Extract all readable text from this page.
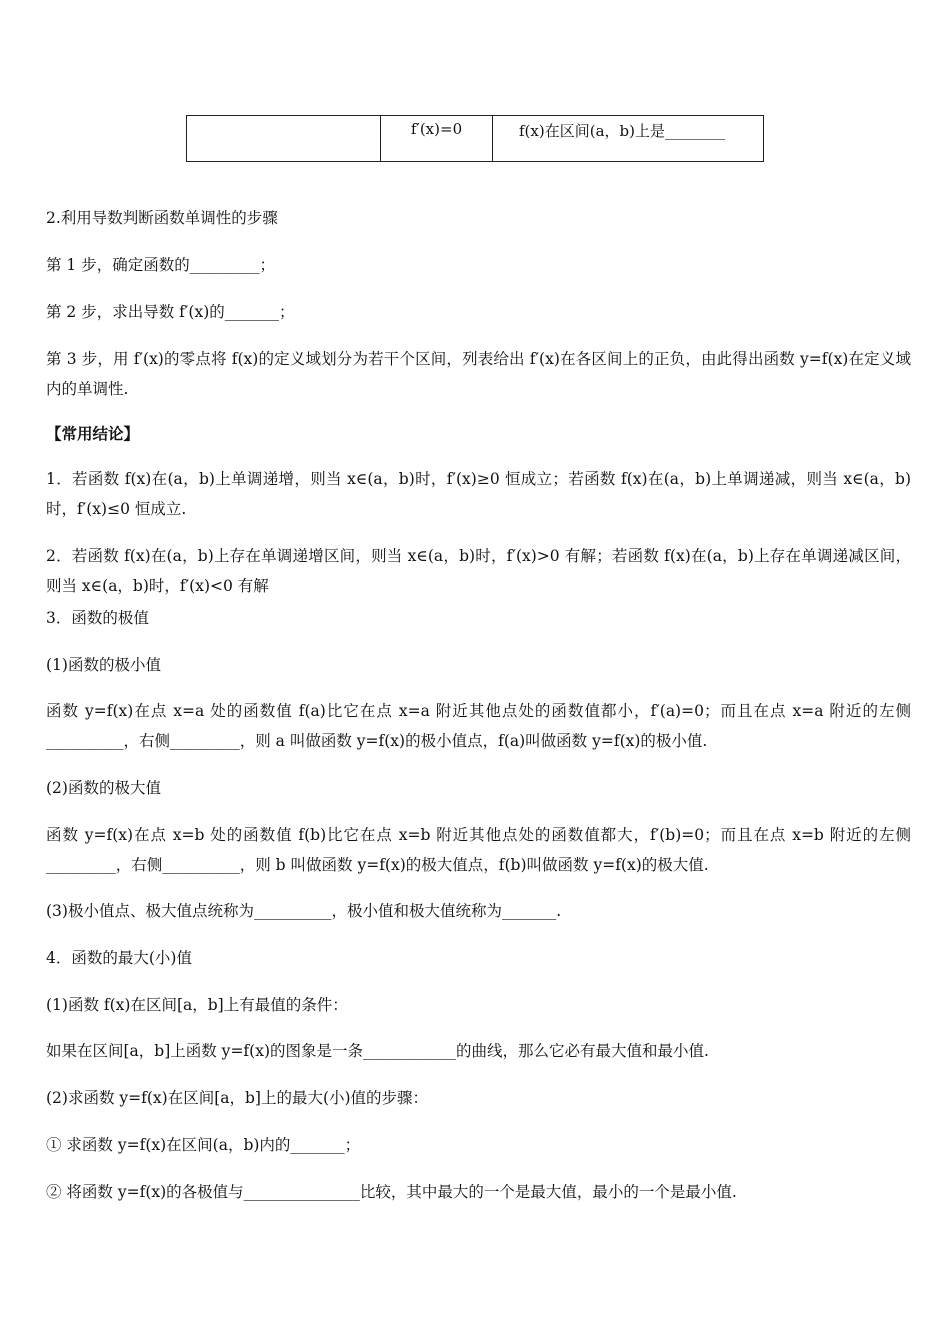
	f′(x)=0	f(x)在区间(a，b)上是________
2.利用导数判断函数单调性的步骤
第 1 步，确定函数的_________；
第 2 步，求出导数 f′(x)的_______；
第 3 步，用 f′(x)的零点将 f(x)的定义域划分为若干个区间，列表给出 f′(x)在各区间上的正负，由此得出函数 y=f(x)在定义域内的单调性.
【常用结论】
1．若函数 f(x)在(a，b)上单调递增，则当 x∈(a，b)时，f′(x)≥0 恒成立；若函数 f(x)在(a，b)上单调递减，则当 x∈(a，b)时，f′(x)≤0 恒成立.
2．若函数 f(x)在(a，b)上存在单调递增区间，则当 x∈(a，b)时，f′(x)>0 有解；若函数 f(x)在(a，b)上存在单调递减区间，则当 x∈(a，b)时，f′(x)<0 有解
3．函数的极值
(1)函数的极小值
函数 y=f(x)在点 x=a 处的函数值 f(a)比它在点 x=a 附近其他点处的函数值都小，f′(a)=0；而且在点 x=a 附近的左侧__________，右侧_________，则 a 叫做函数 y=f(x)的极小值点，f(a)叫做函数 y=f(x)的极小值.
(2)函数的极大值
函数 y=f(x)在点 x=b 处的函数值 f(b)比它在点 x=b 附近其他点处的函数值都大，f′(b)=0；而且在点 x=b 附近的左侧_________，右侧__________，则 b 叫做函数 y=f(x)的极大值点，f(b)叫做函数 y=f(x)的极大值.
(3)极小值点、极大值点统称为__________，极小值和极大值统称为_______.
4．函数的最大(小)值
(1)函数 f(x)在区间[a，b]上有最值的条件：
如果在区间[a，b]上函数 y=f(x)的图象是一条____________的曲线，那么它必有最大值和最小值.
(2)求函数 y=f(x)在区间[a，b]上的最大(小)值的步骤：
① 求函数 y=f(x)在区间(a，b)内的_______；
② 将函数 y=f(x)的各极值与_______________比较，其中最大的一个是最大值，最小的一个是最小值.
